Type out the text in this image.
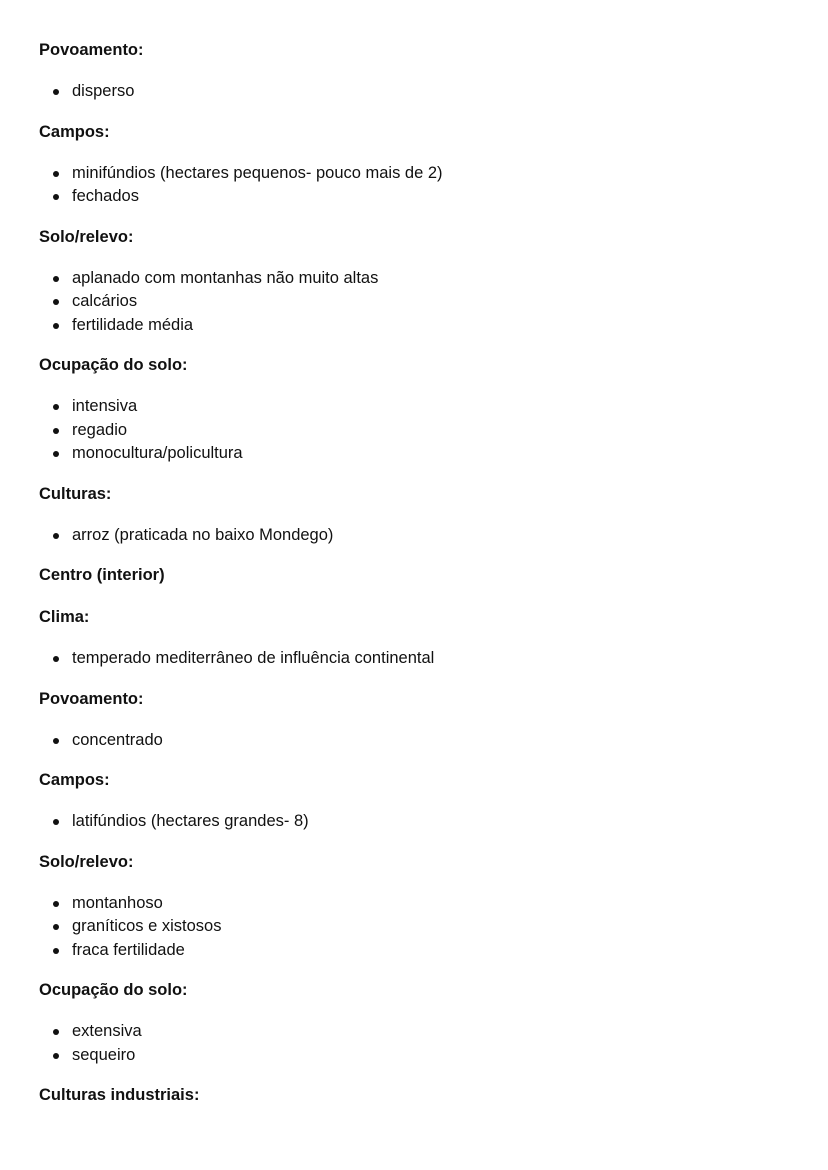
Povoamento:
disperso
Campos:
minifúndios (hectares pequenos- pouco mais de 2)
fechados
Solo/relevo:
aplanado com montanhas não muito altas
calcários
fertilidade média
Ocupação do solo:
intensiva
regadio
monocultura/policultura
Culturas:
arroz (praticada no baixo Mondego)
Centro (interior)
Clima:
temperado mediterrâneo de influência continental
Povoamento:
concentrado
Campos:
latifúndios (hectares grandes- 8)
Solo/relevo:
montanhoso
graníticos e xistosos
fraca fertilidade
Ocupação do solo:
extensiva
sequeiro
Culturas industriais:
